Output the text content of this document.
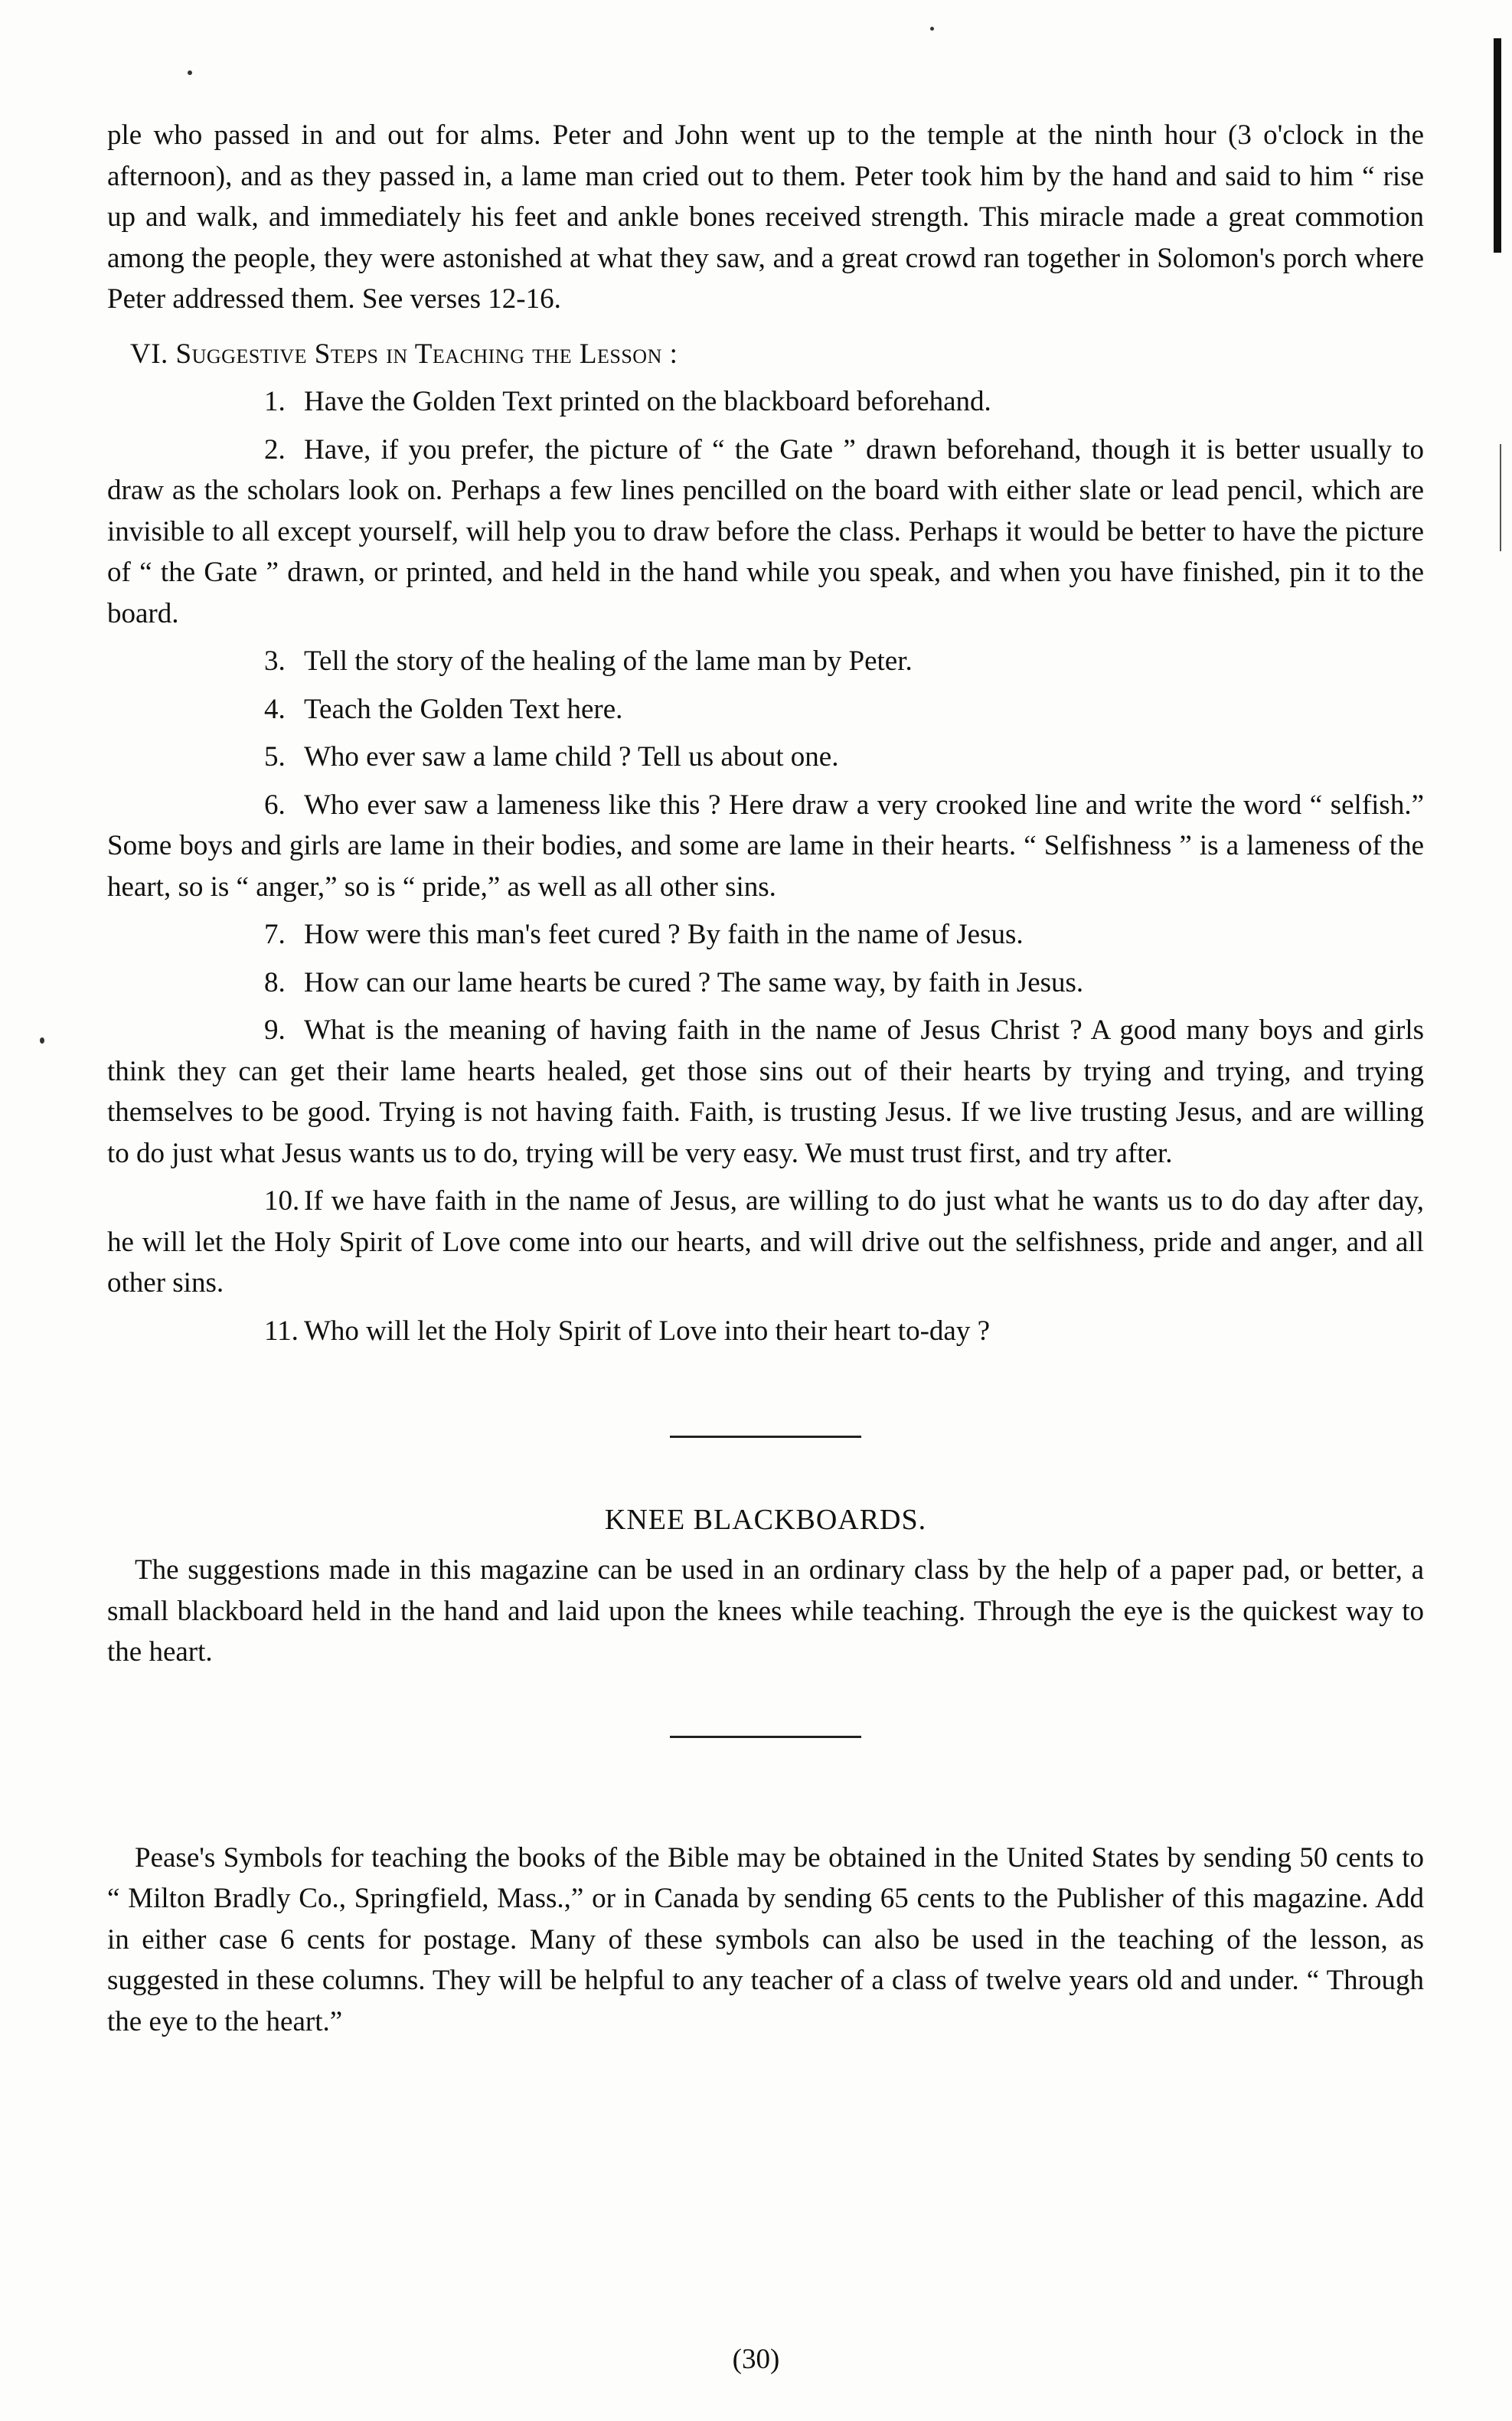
ple who passed in and out for alms. Peter and John went up to the temple at the ninth hour (3 o'clock in the afternoon), and as they passed in, a lame man cried out to them. Peter took him by the hand and said to him “ rise up and walk, and immediately his feet and ankle bones received strength. This miracle made a great commotion among the people, they were astonished at what they saw, and a great crowd ran together in Solomon's porch where Peter addressed them. See verses 12-16.

VI. Suggestive Steps in Teaching the Lesson :

1. Have the Golden Text printed on the blackboard beforehand.

2. Have, if you prefer, the picture of “ the Gate ” drawn beforehand, though it is better usually to draw as the scholars look on. Perhaps a few lines pencilled on the board with either slate or lead pencil, which are invisible to all except yourself, will help you to draw before the class. Perhaps it would be better to have the picture of “ the Gate ” drawn, or printed, and held in the hand while you speak, and when you have finished, pin it to the board.

3. Tell the story of the healing of the lame man by Peter.

4. Teach the Golden Text here.

5. Who ever saw a lame child ? Tell us about one.

6. Who ever saw a lameness like this ? Here draw a very crooked line and write the word “ selfish.” Some boys and girls are lame in their bodies, and some are lame in their hearts. “ Selfishness ” is a lameness of the heart, so is “ anger,” so is “ pride,” as well as all other sins.

7. How were this man's feet cured ? By faith in the name of Jesus.

8. How can our lame hearts be cured ? The same way, by faith in Jesus.

9. What is the meaning of having faith in the name of Jesus Christ ? A good many boys and girls think they can get their lame hearts healed, get those sins out of their hearts by trying and trying, and trying themselves to be good. Trying is not having faith. Faith, is trusting Jesus. If we live trusting Jesus, and are willing to do just what Jesus wants us to do, trying will be very easy. We must trust first, and try after.

10. If we have faith in the name of Jesus, are willing to do just what he wants us to do day after day, he will let the Holy Spirit of Love come into our hearts, and will drive out the selfishness, pride and anger, and all other sins.

11. Who will let the Holy Spirit of Love into their heart to-day ?

KNEE BLACKBOARDS.

The suggestions made in this magazine can be used in an ordinary class by the help of a paper pad, or better, a small blackboard held in the hand and laid upon the knees while teaching. Through the eye is the quickest way to the heart.

Pease's Symbols for teaching the books of the Bible may be obtained in the United States by sending 50 cents to “ Milton Bradly Co., Springfield, Mass.,” or in Canada by sending 65 cents to the Publisher of this magazine. Add in either case 6 cents for postage. Many of these symbols can also be used in the teaching of the lesson, as suggested in these columns. They will be helpful to any teacher of a class of twelve years old and under. “ Through the eye to the heart.”

(30)
